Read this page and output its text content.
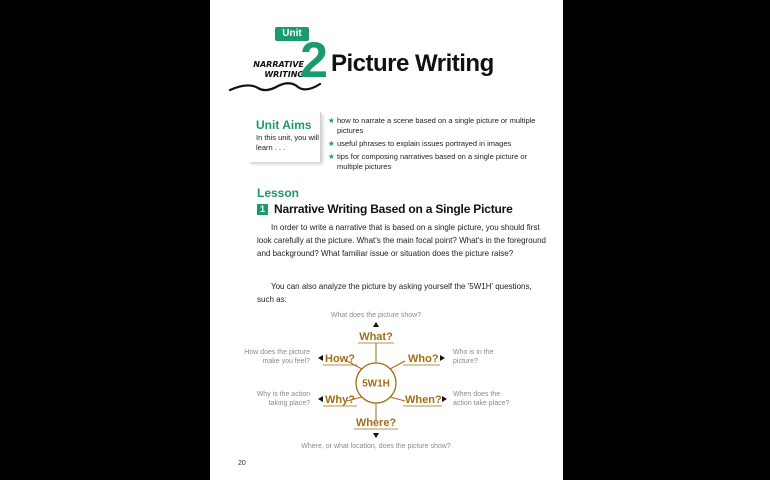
Unit
NARRATIVE
WRITING
2 Picture Writing
Unit Aims
In this unit, you will learn . . .
★ how to narrate a scene based on a single picture or multiple pictures
★ useful phrases to explain issues portrayed in images
★ tips for composing narratives based on a single picture or multiple pictures
Lesson
1 Narrative Writing Based on a Single Picture

In order to write a narrative that is based on a single picture, you should first look carefully at the picture. What's the main focal point? What's in the foreground and background? What familiar issue or situation does the picture raise?

You can also analyze the picture by asking yourself the '5W1H' questions, such as:

5W1H
What does the picture show?
What?
How does the picture
make you feel? How?	Who?
Who is in the
picture?
Why is the action
taking place? Why?	When? When does the
action take place?
Where?
Where, or what location, does the picture show?
20
